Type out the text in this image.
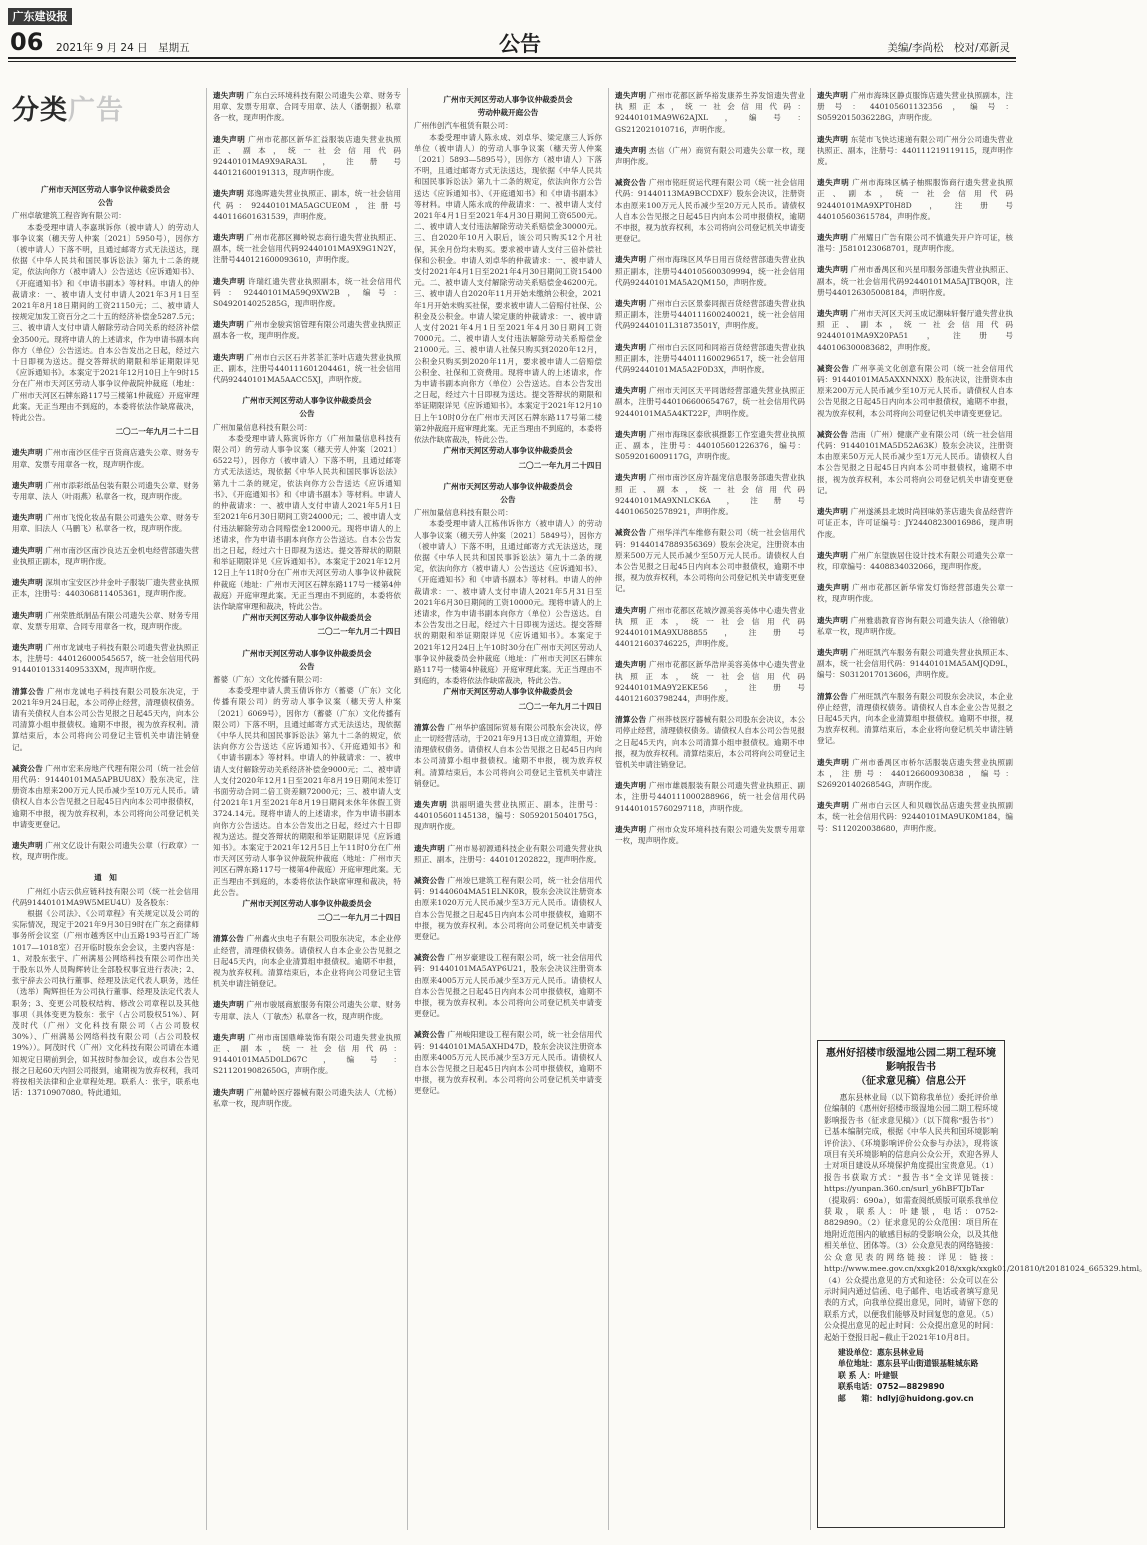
广东建设报
06 2021年 9 月 24 日　星期五	公告	美编/李尚松　校对/邓新灵
分类广告
广州市天河区劳动人事争议仲裁委员会
公告

广州卓敏建筑工程咨询有限公司：

本委受理申请人李嘉琪诉你（被申请人）的劳动人事争议案（穗天劳人仲案〔2021〕5950号），因你方（被申请人）下落不明，且通过邮寄方式无法送达，现依据《中华人民共和国民事诉讼法》第九十二条的规定，依法向你方（被申请人）公告送达《应诉通知书》、《开庭通知书》和《申请书副本》等材料。申请人的仲裁请求：一、被申请人支付申请人2021年3月1日至2021年8月18日期间的工资21150元；二、被申请人按规定加发工资百分之二十五的经济补偿金5287.5元；三、被申请人支付申请人解除劳动合同关系的经济补偿金3500元。现将申请人的上述请求，作为申请书副本向你方（单位）公告送达。自本公告发出之日起，经过六十日即视为送达。提交答辩状的期限和举证期限详见《应诉通知书》。本案定于2021年12月10日上午9时15分在广州市天河区劳动人事争议仲裁院仲裁庭（地址：广州市天河区石牌东路117号三楼第1仲裁庭）开庭审理此案。无正当理由不到庭的，本委将依法作缺席裁决，特此公告。

二〇二一年九月二十二日
遗失声明 广州市南沙区佳宇百货商店遗失公章、财务专用章、发票专用章各一枚，现声明作废。
遗失声明 广州市添彩纸品包装有限公司遗失公章、财务专用章、法人（叶雨燕）私章各一枚，现声明作废。
遗失声明 广州市飞悦化妆品有限公司遗失公章、财务专用章、旧法人（马鹏飞）私章各一枚，现声明作废。
遗失声明 广州市南沙区南沙良达五金机电经营部遗失营业执照正副本，现声明作废。
遗失声明 深圳市宝安区沙井金叶子服装厂遗失营业执照正本，注册号：440306811405361，现声明作废。
遗失声明 广州荣胜纸制品有限公司遗失公章、财务专用章、发票专用章、合同专用章各一枚，现声明作废。
遗失声明 广州市龙诚电子科技有限公司遗失营业执照正本，注册号：440126000545657，统一社会信用代码91440101331409533XM，现声明作废。
清算公告 广州市龙诚电子科技有限公司股东决定，于2021年9月24日起，本公司停止经营，清理债权债务。请有关债权人自本公司公告见报之日起45天内，向本公司清算小组申报债权。逾期不申报，视为放弃权利。清算结束后，本公司将向公司登记主管机关申请注销登记。
减资公告 广州市宏来房地产代理有限公司（统一社会信用代码：91440101MA5APBUU8X）股东决定，注册资本由原来200万元人民币减少至10万元人民币。请债权人自本公告见报之日起45日内向本公司申报债权，逾期不申报，视为放弃权利，本公司将向公司登记机关申请变更登记。
遗失声明 广州文亿设计有限公司遗失公章（行政章）一枚，现声明作废。
通　知

广州红小店云供应链科技有限公司（统一社会信用代码91440101MA9W5MEU4U）及各股东：

根据《公司法》、《公司章程》有关规定以及公司的实际情况，现定于2021年9月30日9时在广东之商律师事务所会议室（广州市越秀区中山五路193号百汇广场1017—1018室）召开临时股东会会议，主要内容是：1、对股东张宇、广州满易公网络科技有限公司作出关于股东以外人员陶辉转让全部股权事宜进行表决；2、张宇辞去公司执行董事、经理及法定代表人职务，选任（选举）陶辉担任为公司执行董事、经理及法定代表人职务；3、变更公司股权结构、修改公司章程以及其他事项（具体变更为股东：张宇（占公司股权51%）、阿茂时代（广州）文化科技有限公司（占公司股权30%）、广州满易公网络科技有限公司（占公司股权19%））。阿茂时代（广州）文化科技有限公司请在本通知规定日期前到会，如其按时参加会议，或自本公告见报之日起60天内回公司报到，逾期视为放弃权利，我司将按相关法律和企业章程处理。联系人：张宇，联系电话：13710907080。特此通知。

遗失声明 广东白云环境科技有限公司遗失公章、财务专用章、发票专用章、合同专用章、法人（潘朝振）私章各一枚，现声明作废。
遗失声明 广州市花都区新华汇益服装店遗失营业执照正、副本，统一社会信用代码92440101MA9X9ARA3L，注册号440121600191313，现声明作废。
遗失声明 郑逸晖遗失营业执照正、副本，统一社会信用代码：92440101MA5AGCUE0M，注册号440116601631539，声明作废。
遗失声明 广州市花都区狮岭锐志商行遗失营业执照正、副本，统一社会信用代码92440101MA9X9G1N2Y，注册号440121600093610，声明作废。
遗失声明 许瑞红遗失营业执照副本，统一社会信用代码：92440101MA59Q9XW2B，编号：S0492014025285G，现声明作废。
遗失声明 广州市金骏宾馆管理有限公司遗失营业执照正副本各一枚，现声明作废。
遗失声明 广州市白云区石井茗茶汇茶叶店遗失营业执照正、副本，注册号440111601204461，统一社会信用代码92440101MA5AACC5XJ，声明作废。
广州市天河区劳动人事争议仲裁委员会
公告

广州加量信息科技有限公司：

本委受理申请人陈寅诉你方（广州加量信息科技有限公司）的劳动人事争议案（穗天劳人仲案〔2021〕6522号），因你方（被申请人）下落不明，且通过邮寄方式无法送达，现依据《中华人民共和国民事诉讼法》第九十二条的规定，依法向你方公告送达《应诉通知书》、《开庭通知书》和《申请书副本》等材料。申请人的仲裁请求：一、被申请人支付申请人2021年5月1日至2021年6月30日期间工资24000元；二、被申请人支付违法解除劳动合同赔偿金12000元。现将申请人的上述请求，作为申请书副本向你方公告送达。自本公告发出之日起，经过六十日即视为送达。提交答辩状的期限和举证期限详见《应诉通知书》。本案定于2021年12月12日上午11时0分在广州市天河区劳动人事争议仲裁院仲裁庭（地址：广州市天河区石牌东路117号一楼第4仲裁庭）开庭审理此案。无正当理由不到庭的，本委将依法作缺席审理和裁决，特此公告。

广州市天河区劳动人事争议仲裁委员会
二〇二一年九月二十四日
广州市天河区劳动人事争议仲裁委员会
公告

蓄婆（广东）文化传播有限公司：

本委受理申请人黄玉倩诉你方（蓄婆（广东）文化传播有限公司）的劳动人事争议案（穗天劳人仲案〔2021〕6069号），因你方（蓄婆（广东）文化传播有限公司）下落不明，且通过邮寄方式无法送达，现依据《中华人民共和国民事诉讼法》第九十二条的规定，依法向你方公告送达《应诉通知书》、《开庭通知书》和《申请书副本》等材料。申请人的仲裁请求：一、被申请人支付解除劳动关系经济补偿金9000元；二、被申请人支付2020年12月1日至2021年8月19日期间未签订书面劳动合同二倍工资差额72000元；三、被申请人支付2021年1月至2021年8月19日期间未休年休假工资3724.14元。现将申请人的上述请求，作为申请书副本向你方公告送达。自本公告发出之日起，经过六十日即视为送达。提交答辩状的期限和举证期限详见《应诉通知书》。本案定于2021年12月5日上午11时0分在广州市天河区劳动人事争议仲裁院仲裁庭（地址：广州市天河区石牌东路117号一楼第4仲裁庭）开庭审理此案。无正当理由不到庭的，本委将依法作缺席审理和裁决，特此公告。

广州市天河区劳动人事争议仲裁委员会
二〇二一年九月二十四日
清算公告 广州鑫火虫电子有限公司股东决定，本企业停止经营，清理债权债务。请债权人自本企业公告见报之日起45天内，向本企业清算组申报债权。逾期不申报，视为放弃权利。清算结束后，本企业将向公司登记主管机关申请注销登记。
遗失声明 广州市骏展商旅服务有限公司遗失公章、财务专用章、法人（丁敏杰）私章各一枚，现声明作废。
遗失声明 广州市南国鼎峰装饰有限公司遗失营业执照正、副本，统一社会信用代码：91440101MA5D0LD67C，编号：S2112019082650G，声明作废。
遗失声明 广州麓岭医疗器械有限公司遗失法人（尤杨）私章一枚，现声明作废。
广州市天河区劳动人事争议仲裁委员会
劳动仲裁开庭公告

广州伟创汽车租赁有限公司：

本委受理申请人陈永成、刘卓华、梁定康三人诉你单位（被申请人）的劳动人事争议案（穗天劳人仲案〔2021〕5893—5895号），因你方（被申请人）下落不明，且通过邮寄方式无法送达，现依据《中华人民共和国民事诉讼法》第九十二条的规定，依法向你方公告送达《应诉通知书》、《开庭通知书》和《申请书副本》等材料。申请人陈永成的仲裁请求：一、被申请人支付2021年4月1日至2021年4月30日期间工资6500元。二、被申请人支付违法解除劳动关系赔偿金30000元。三、自2020年10月入职后，该公司只购买12个月社保，其余月份均未购买。要求被申请人支付三倍补偿社保和公积金。申请人刘卓华的仲裁请求：一、被申请人支付2021年4月1日至2021年4月30日期间工资15400元。二、被申请人支付解除劳动关系赔偿金46200元。三、被申请人自2020年11月开始未缴纳公积金，2021年1月开始未购买社保，要求被申请人二倍赔付社保、公积金及公积金。申请人梁定康的仲裁请求：一、被申请人支付2021年4月1日至2021年4月30日期间工资7000元。二、被申请人支付违法解除劳动关系赔偿金21000元。三、被申请人社保只购买到2020年12月，公积金只购买到2020年11月，要求被申请人二倍赔偿公积金、社保和工资费用。现将申请人的上述请求，作为申请书副本向你方（单位）公告送达。自本公告发出之日起，经过六十日即视为送达。提交答辩状的期限和举证期限详见《应诉通知书》。本案定于2021年12月10日上午10时0分在广州市天河区石牌东路117号第二楼第2仲裁庭开庭审理此案。无正当理由不到庭的，本委将依法作缺席裁决，特此公告。

广州市天河区劳动人事争议仲裁委员会
二〇二一年九月二十四日
广州市天河区劳动人事争议仲裁委员会
公告

广州加量信息科技有限公司：

本委受理申请人江栋伟诉你方（被申请人）的劳动人事争议案（穗天劳人仲案〔2021〕5849号），因你方（被申请人）下落不明，且通过邮寄方式无法送达，现依据《中华人民共和国民事诉讼法》第九十二条的规定，依法向你方（被申请人）公告送达《应诉通知书》、《开庭通知书》和《申请书副本》等材料。申请人的仲裁请求：一、被申请人支付申请人2021年5月31日至2021年6月30日期间的工资10000元。现将申请人的上述请求，作为申请书副本向你方（单位）公告送达。自本公告发出之日起，经过六十日即视为送达。提交答辩状的期限和举证期限详见《应诉通知书》。本案定于2021年12月24日上午10时30分在广州市天河区劳动人事争议仲裁委员会仲裁庭（地址：广州市天河区石牌东路117号一楼第4仲裁庭）开庭审理此案。无正当理由不到庭的，本委将依法作缺席裁决，特此公告。

广州市天河区劳动人事争议仲裁委员会
二〇二一年九月二十四日
清算公告 广州华护盛国际贸易有限公司股东会决议，停止一切经营活动，于2021年9月13日成立清算组，开始清理债权债务。请债权人自本公告见报之日起45日内向本公司清算小组申报债权。逾期不申报，视为放弃权利。清算结束后，本公司将向公司登记主管机关申请注销登记。
遗失声明 洪丽明遗失营业执照正、副本，注册号：440105601145138，编号：S0592015040175G，现声明作废。
遗失声明 广州市易初源通科技企业有限公司遗失营业执照正、副本，注册号：440101202822，现声明作废。
减资公告 广州竣巳建筑工程有限公司，统一社会信用代码：91440604MA51ELNK0R，股东会决议注册资本由原来1020万元人民币减少至3万元人民币。请债权人自本公告见报之日起45日内向本公司申报债权，逾期不申报，视为放弃权利。本公司将向公司登记机关申请变更登记。
减资公告 广州岁豪建设工程有限公司，统一社会信用代码：91440101MA5AYP6U21，股东会决议注册资本由原来4005万元人民币减少至3万元人民币。请债权人自本公告见报之日起45日内向本公司申报债权，逾期不申报，视为放弃权利。本公司将向公司登记机关申请变更登记。
减资公告 广州峻阳建设工程有限公司，统一社会信用代码：91440101MA5AXHD47D，股东会决议注册资本由原来4005万元人民币减少至3万元人民币。请债权人自本公告见报之日起45日内向本公司申报债权，逾期不申报，视为放弃权利。本公司将向公司登记机关申请变更登记。
遗失声明 广州市花都区新华裕发康养生养发馆遗失营业执照正本，统一社会信用代码：92440101MA9W62AJXL，编号：GS212021010716，声明作废。
遗失声明 杰信（广州）商贸有限公司遗失公章一枚，现声明作废。
减资公告 广州市铭旺贸运代理有限公司（统一社会信用代码：91440113MA9BCCDXF）股东会决议，注册资本由原来100万元人民币减少至20万元人民币。请债权人自本公告见报之日起45日内向本公司申报债权，逾期不申报，视为放弃权利，本公司将向公司登记机关申请变更登记。
遗失声明 广州市海珠区风华日用百货经营部遗失营业执照正副本，注册号440105600309994，统一社会信用代码92440101MA5A2QM150，声明作废。
遗失声明 广州市白云区景泰同振百货经营部遗失营业执照正副本，注册号440111600240021，统一社会信用代码92440101L31873501Y，声明作废。
遗失声明 广州市白云区同和同裕百货经营部遗失营业执照正副本，注册号440111600296517，统一社会信用代码92440101MA5A2F0D3X，声明作废。
遗失声明 广州市天河区天平同谐经营部遗失营业执照正副本，注册号440106600654767，统一社会信用代码92440101MA5A4KT22F，声明作废。
遗失声明 广州市海珠区泰欣祺摄影工作室遗失营业执照正、副本，注册号：440105601226376，编号：S0592016009117G，声明作废。
遗失声明 广州市南沙区房许磊宠信息服务部遗失营业执照正、副本，统一社会信用代码92440101MA9XNLCK6A，注册号440106502578921，声明作废。
减资公告 广州华洋汽车维修有限公司（统一社会信用代码：91440147889356369）股东会决定，注册资本由原来500万元人民币减少至50万元人民币。请债权人自本公告见报之日起45日内向本公司申报债权，逾期不申报，视为放弃权利，本公司将向公司登记机关申请变更登记。
遗失声明 广州市花都区花城汐源美容美体中心遗失营业执照正本，统一社会信用代码92440101MA9XU88855，注册号440121603746225，声明作废。
遗失声明 广州市花都区新华浩岸美容美体中心遗失营业执照正本，统一社会信用代码92440101MA9Y2EKE56，注册号440121603798244，声明作废。
清算公告 广州莽枝医疗器械有限公司股东会决议，本公司停止经营，清理债权债务。请债权人自本公司公告见报之日起45天内，向本公司清算小组申报债权。逾期不申报，视为放弃权利。清算结束后，本公司将向公司登记主管机关申请注销登记。
遗失声明 广州市雄晨服装有限公司遗失营业执照正、副本，注册号440111000288966，统一社会信用代码914401015760297118，声明作废。
遗失声明 广州市众发环境科技有限公司遗失发票专用章一枚，现声明作废。
遗失声明 广州市海珠区静贞服饰店遗失营业执照副本，注册号：440105601132356，编号：S0592015036228G，声明作废。
遗失声明 东莞市飞快达速递有限公司广州分公司遗失营业执照正、副本，注册号：440111219119115，现声明作废。
遗失声明 广州市海珠区橘子柚熙服饰商行遗失营业执照正、副本，统一社会信用代码92440101MA9XPT0H8D，注册号440105603615784，声明作废。
遗失声明 广州耀日广告有限公司不慎遗失开户许可证，核准号：J5810123068701，现声明作废。
遗失声明 广州市番禺区和兴星印服务部遗失营业执照正、副本，统一社会信用代码92440101MA5AJTBQ0R，注册号440126305008184，声明作废。
遗失声明 广州市天河区天河玉成记潮味轩餐厅遗失营业执照正、副本，统一社会信用代码92440101MA9X20PA51，注册号440106300083682，声明作废。
减资公告 广州享美文化创意有限公司（统一社会信用代码：91440101MA5AXXNNXX）股东决议，注册资本由原来200万元人民币减少至10万元人民币。请债权人自本公告见报之日起45日内向本公司申报债权，逾期不申报，视为放弃权利，本公司将向公司登记机关申请变更登记。
减资公告 浩南（广州）健康产业有限公司（统一社会信用代码：91440101MA5D52A63K）股东会决议，注册资本由原来50万元人民币减少至1万元人民币。请债权人自本公告见报之日起45日内向本公司申报债权，逾期不申报，视为放弃权利，本公司将向公司登记机关申请变更登记。
遗失声明 广州遂溪县北坡时尚回味奶茶店遗失食品经营许可证正本，许可证编号：JY24408230016986，现声明作废。
遗失声明 广州广东望族居住设计技术有限公司遗失公章一枚，印章编号：4408834032066，现声明作废。
遗失声明 广州市花都区新华常发灯饰经营部遗失公章一枚，现声明作废。
遗失声明 广州雅翡教育咨询有限公司遗失法人（徐锦敏）私章一枚，现声明作废。
遗失声明 广州旺凯汽车服务有限公司遗失营业执照正本、副本，统一社会信用代码：91440101MA5AMJQD9L，编号：S0312017013606，声明作废。
清算公告 广州旺凯汽车服务有限公司股东会决议，本企业停止经营，清理债权债务。请债权人自本企业公告见报之日起45天内，向本企业清算组申报债权。逾期不申报，视为放弃权利。清算结束后，本企业将向登记机关申请注销登记。
遗失声明 广州市番禺区市桥尔活服装店遗失营业执照副本，注册号：440126600930838，编号：S2692014026854G，声明作废。
遗失声明 广州市白云区人和贝咖饮品店遗失营业执照副本，统一社会信用代码：92440101MA9UK0M184，编号：S112020038680，声明作废。
惠州好招楼市级湿地公园二期工程环境影响报告书
（征求意见稿）信息公开
惠东县林业局（以下简称我单位）委托评价单位编制的《惠州好招楼市级湿地公园二期工程环境影响报告书（征求意见稿）》（以下简称“报告书”）已基本编制完成，根据《中华人民共和国环境影响评价法》、《环境影响评价公众参与办法》，现将该项目有关环境影响的信息向公众公开，欢迎各界人士对项目建设从环境保护角度提出宝贵意见。（1）报告书获取方式：“报告书”全文详见链接：https://yunpan.360.cn/surl_y6hBFTJbTar（提取码：690a），如需查阅纸质版可联系我单位获取，联系人：叶建银，电话：0752-8829890。（2）征求意见的公众范围：项目所在地附近范围内的敏感目标的受影响公众，以及其他相关单位、团体等。（3）公众意见表的网络链接：公众意见表的网络链接：详见：链接：http://www.mee.gov.cn/xxgk2018/xxgk/xxgk01/201810/t20181024_665329.html。（4）公众提出意见的方式和途径：公众可以在公示时间内通过信函、电子邮件、电话或者填写意见表的方式，向我单位提出意见，同时，请留下您的联系方式，以便我们能够及时回复您的意见。（5）公众提出意见的起止时间：公众提出意见的时间：起始于登报日起~截止于2021年10月8日。
建设单位：惠东县林业局
单位地址：惠东县平山街道银基鞋城东路
联 系 人：叶建银
联系电话：0752—8829890
邮　　箱：hdlyj@huidong.gov.cn
